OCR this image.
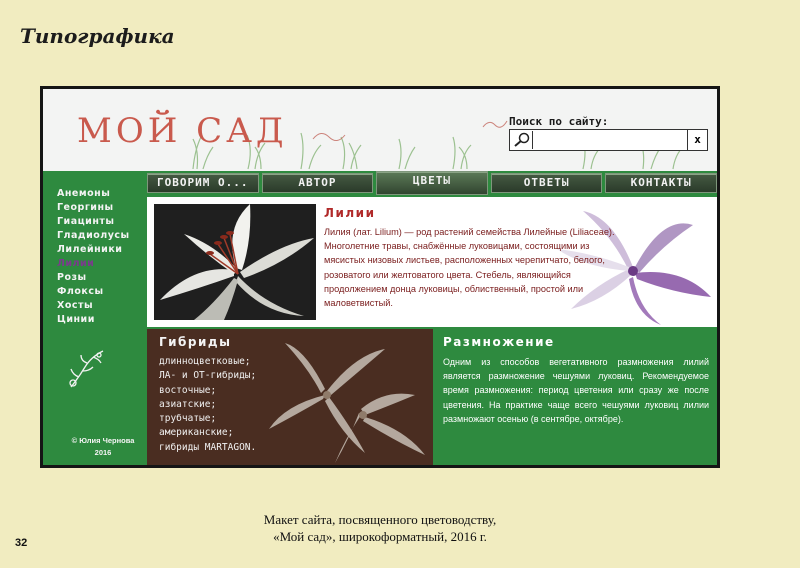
Типографика
МОЙ САД	Поиск по сайту:
x
ГОВОРИМ О...	АВТОР	ЦВЕТЫ	ОТВЕТЫ	КОНТАКТЫ
Анемоны
Георгины
Гиацинты
Гладиолусы
Лилейники
Лилии
Розы
Флоксы
Хосты
Цинии
© Юлия Чернова
2016
Лилии
Лилия (лат. Lilium) — род растений семейства Лилейные (Liliaceae). Многолетние травы, снабжённые луковицами, состоящими из мясистых низовых листьев, расположенных черепитчато, белого, розоватого или желтоватого цвета. Стебель, являющийся продолжением донца луковицы, облиственный, простой или маловетвистый.
Гибриды
длинноцветковые;
ЛА- и ОТ-гибриды;
восточные;
азиатские;
трубчатые;
американские;
гибриды MARTAGON.
Размножение
Одним из способов вегетативного размножения лилий является размножение чешуями луковиц. Рекомендуемое время размножения: период цветения или сразу же после цветения. На практике чаще всего чешуями луковиц лилии размножают осенью (в сентябре, октябре).
Макет сайта, посвященного цветоводству,
«Мой сад», широкоформатный, 2016 г.
32
